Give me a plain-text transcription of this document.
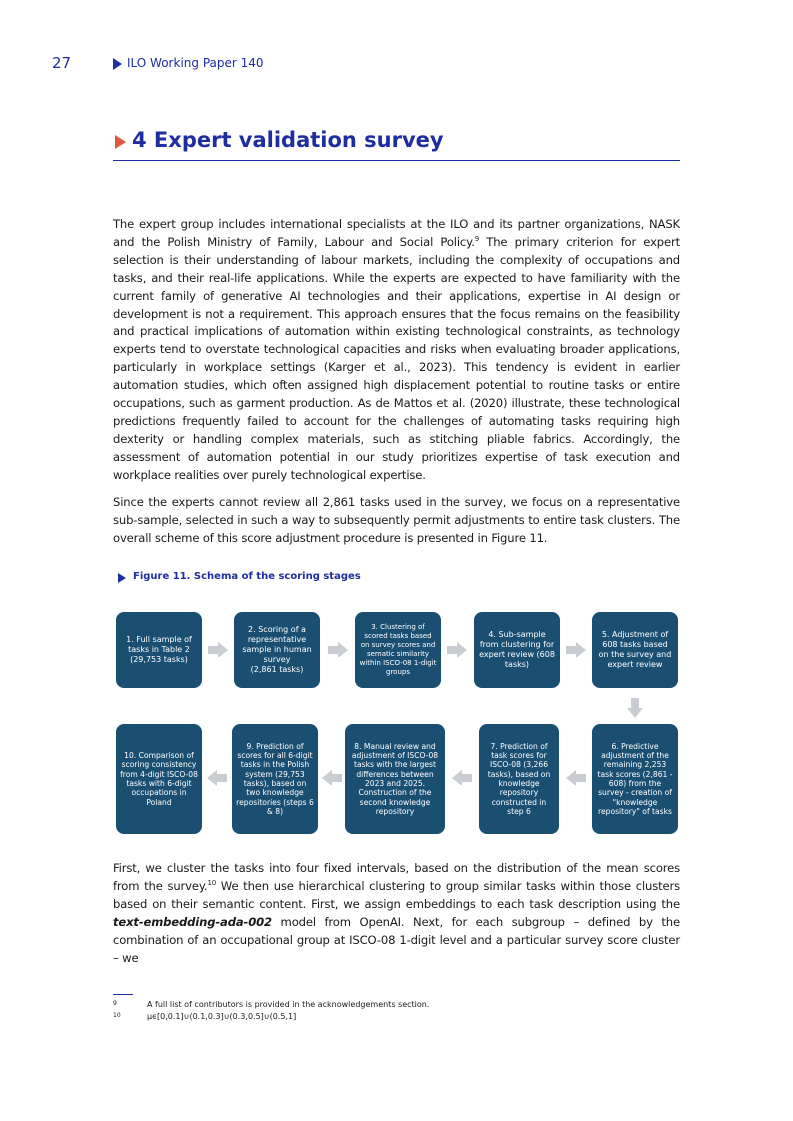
27	ILO Working Paper 140
4 Expert validation survey
The expert group includes international specialists at the ILO and its partner organizations, NASK and the Polish Ministry of Family, Labour and Social Policy.$^9$ The primary criterion for expert selection is their understanding of labour markets, including the complexity of occupations and tasks, and their real-life applications. While the experts are expected to have familiarity with the current family of generative AI technologies and their applications, expertise in AI design or development is not a requirement. This approach ensures that the focus remains on the feasibility and practical implications of automation within existing technological constraints, as technology experts tend to overstate technological capacities and risks when evaluating broader applications, particularly in workplace settings (Karger et al., 2023). This tendency is evident in earlier automation studies, which often assigned high displacement potential to routine tasks or entire occupations, such as garment production. As de Mattos et al. (2020) illustrate, these technological predictions frequently failed to account for the challenges of automating tasks requiring high dexterity or handling complex materials, such as stitching pliable fabrics. Accordingly, the assessment of automation potential in our study prioritizes expertise of task execution and workplace realities over purely technological expertise.
Since the experts cannot review all 2,861 tasks used in the survey, we focus on a representative sub-sample, selected in such a way to subsequently permit adjustments to entire task clusters. The overall scheme of this score adjustment procedure is presented in Figure 11.
Figure 11. Schema of the scoring stages
1. Full sample of tasks in Table 2
(29,753 tasks)
2. Scoring of a representative sample in human survey
(2,861 tasks)
3. Clustering of scored tasks based on survey scores and sematic similarity within ISCO-08 1-digit groups
4. Sub-sample from clustering for expert review (608 tasks)
5. Adjustment of 608 tasks based on the survey and expert review
10. Comparison of scoring consistency from 4-digit ISCO-08 tasks with 6-digit occupations in Poland
9. Prediction of scores for all 6-digit tasks in the Polish system (29,753 tasks), based on two knowledge repositories (steps 6 & 8)
8. Manual review and adjustment of ISCO-08 tasks with the largest differences between 2023 and 2025. Construction of the second knowledge repository
7. Prediction of task scores for ISCO-08 (3,266 tasks), based on knowledge repository constructed in step 6
6. Predictive adjustment of the remaining 2,253 task scores (2,861 - 608) from the survey - creation of "knowledge repository" of tasks
First, we cluster the tasks into four fixed intervals, based on the distribution of the mean scores from the survey.$^{10}$ We then use hierarchical clustering to group similar tasks within those clusters based on their semantic content. First, we assign embeddings to each task description using the text-embedding-ada-002 model from OpenAI. Next, for each subgroup – defined by the combination of an occupational group at ISCO-08 1-digit level and a particular survey score cluster – we
9	A full list of contributors is provided in the acknowledgements section.
10	µϵ[0,0.1]∪(0.1,0.3]∪(0.3,0.5]∪(0.5,1]
